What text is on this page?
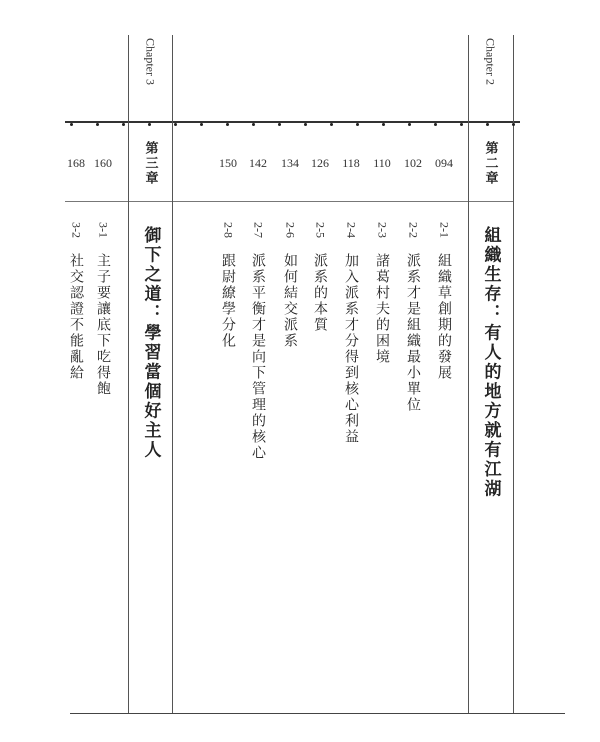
Chapter 2
第二章
組織生存：有人的地方就有江湖
094
102
110
118
126
134
142
150
2-1
2-2
2-3
2-4
2-5
2-6
2-7
2-8
組織草創期的發展
派系才是組織最小單位
諸葛村夫的困境
加入派系才分得到核心利益
派系的本質
如何結交派系
派系平衡才是向下管理的核心
跟尉繚學分化
Chapter 3
第三章
御下之道：學習當個好主人
160
168
3-1
3-2
主子要讓底下吃得飽
社交認證不能亂給
